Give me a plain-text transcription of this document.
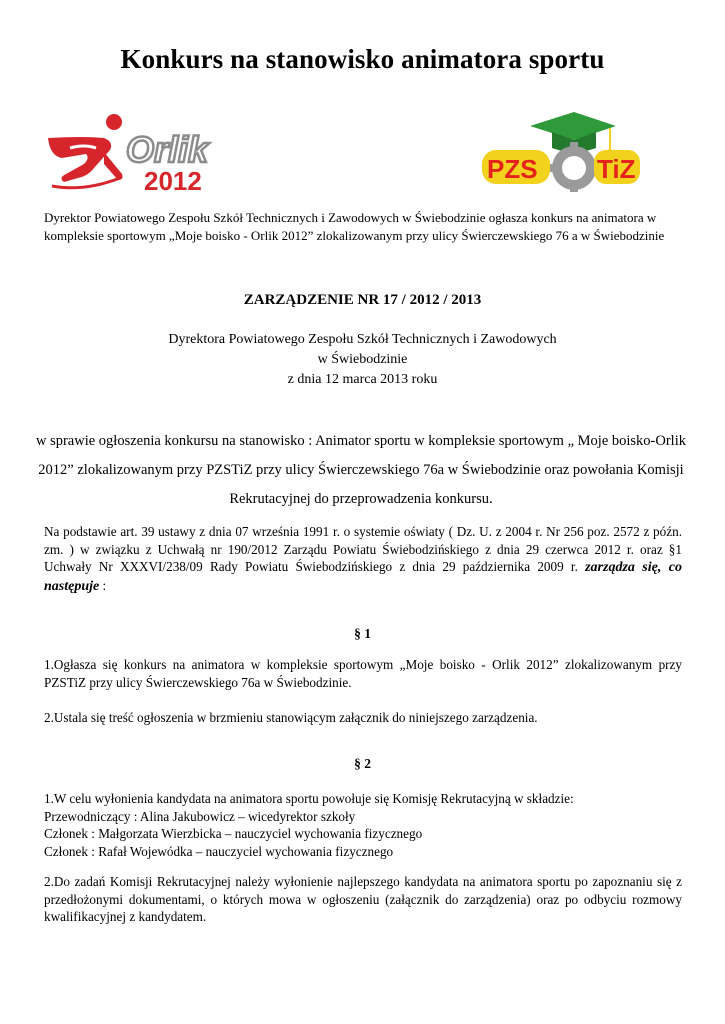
Konkurs na stanowisko animatora sportu
Orlik
2012	PZS TiZ
Dyrektor Powiatowego Zespołu Szkół Technicznych i Zawodowych w Świebodzinie ogłasza konkurs na animatora w kompleksie sportowym „Moje boisko - Orlik 2012” zlokalizowanym przy ulicy Świerczewskiego 76 a w Świebodzinie
ZARZĄDZENIE NR 17 / 2012 / 2013
Dyrektora Powiatowego Zespołu Szkół Technicznych i Zawodowych
w Świebodzinie
z dnia 12 marca 2013 roku
w sprawie ogłoszenia konkursu na stanowisko : Animator sportu w kompleksie sportowym „ Moje boisko-Orlik 2012” zlokalizowanym przy PZSTiZ przy ulicy Świerczewskiego 76a w Świebodzinie oraz powołania Komisji Rekrutacyjnej do przeprowadzenia konkursu.
Na podstawie art. 39 ustawy z dnia 07 września 1991 r. o systemie oświaty ( Dz. U. z 2004 r. Nr 256 poz. 2572 z późn. zm. ) w związku z Uchwałą nr 190/2012 Zarządu Powiatu Świebodzińskiego z dnia 29 czerwca 2012 r. oraz §1 Uchwały Nr XXXVI/238/09 Rady Powiatu Świebodzińskiego z dnia 29 października 2009 r. zarządza się, co następuje :
§ 1
1.Ogłasza się konkurs na animatora w kompleksie sportowym „Moje boisko - Orlik 2012” zlokalizowanym przy PZSTiZ przy ulicy Świerczewskiego 76a w Świebodzinie.
2.Ustala się treść ogłoszenia w brzmieniu stanowiącym załącznik do niniejszego zarządzenia.
§ 2
1.W celu wyłonienia kandydata na animatora sportu powołuje się Komisję Rekrutacyjną w składzie:
Przewodniczący : Alina Jakubowicz – wicedyrektor szkoły
Członek : Małgorzata Wierzbicka – nauczyciel wychowania fizycznego
Członek : Rafał Wojewódka – nauczyciel wychowania fizycznego
2.Do zadań Komisji Rekrutacyjnej należy wyłonienie najlepszego kandydata na animatora sportu po zapoznaniu się z przedłożonymi dokumentami, o których mowa w ogłoszeniu (załącznik do zarządzenia) oraz po odbyciu rozmowy kwalifikacyjnej z kandydatem.
